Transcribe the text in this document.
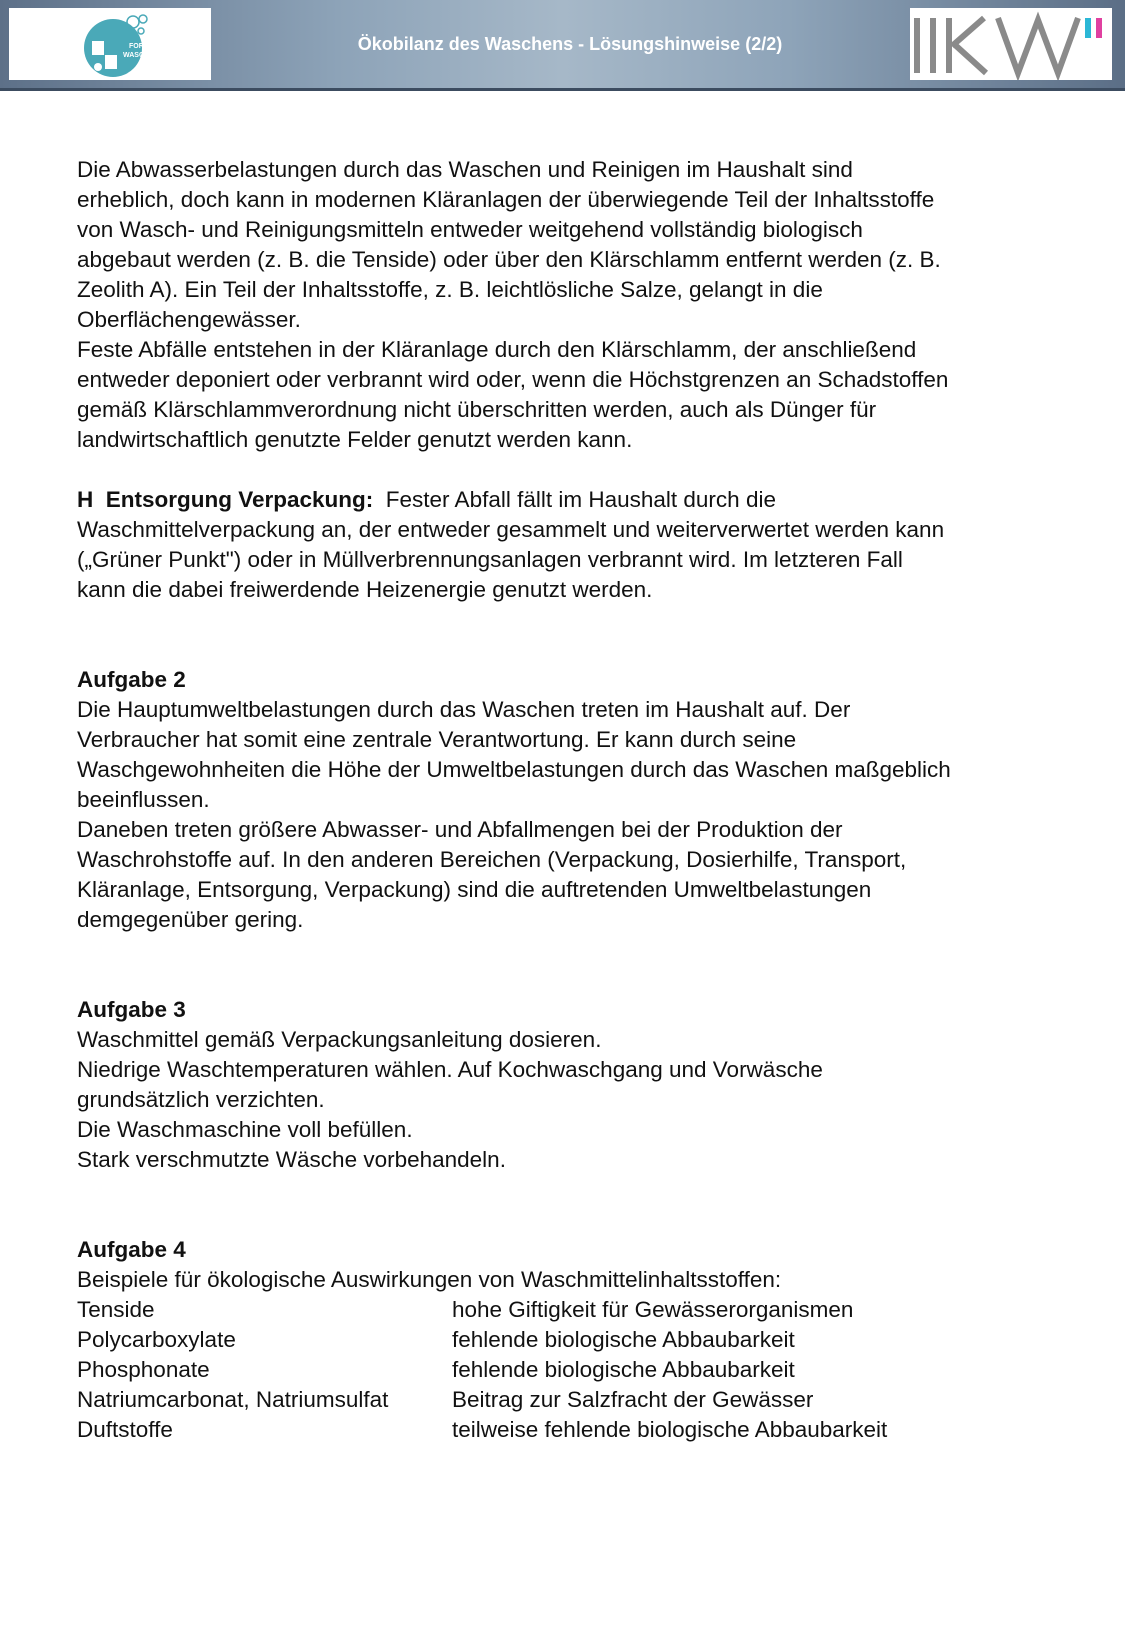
FORUM
WASCHEN
Ökobilanz des Waschens - Lösungshinweise (2/2)

Die Abwasserbelastungen durch das Waschen und Reinigen im Haushalt sind
erheblich, doch kann in modernen Kläranlagen der überwiegende Teil der Inhaltsstoffe
von Wasch- und Reinigungsmitteln entweder weitgehend vollständig biologisch
abgebaut werden (z. B. die Tenside) oder über den Klärschlamm entfernt werden (z. B.
Zeolith A). Ein Teil der Inhaltsstoffe, z. B. leichtlösliche Salze, gelangt in die
Oberflächengewässer.

Feste Abfälle entstehen in der Kläranlage durch den Klärschlamm, der anschließend
entweder deponiert oder verbrannt wird oder, wenn die Höchstgrenzen an Schadstoffen
gemäß Klärschlammverordnung nicht überschritten werden, auch als Dünger für
landwirtschaftlich genutzte Felder genutzt werden kann.

H  Entsorgung Verpackung:  Fester Abfall fällt im Haushalt durch die
Waschmittelverpackung an, der entweder gesammelt und weiterverwertet werden kann
(„Grüner Punkt") oder in Müllverbrennungsanlagen verbrannt wird. Im letzteren Fall
kann die dabei freiwerdende Heizenergie genutzt werden.

Aufgabe 2

Die Hauptumweltbelastungen durch das Waschen treten im Haushalt auf. Der
Verbraucher hat somit eine zentrale Verantwortung. Er kann durch seine
Waschgewohnheiten die Höhe der Umweltbelastungen durch das Waschen maßgeblich
beeinflussen.

Daneben treten größere Abwasser- und Abfallmengen bei der Produktion der
Waschrohstoffe auf. In den anderen Bereichen (Verpackung, Dosierhilfe, Transport,
Kläranlage, Entsorgung, Verpackung) sind die auftretenden Umweltbelastungen
demgegenüber gering.

Aufgabe 3

Waschmittel gemäß Verpackungsanleitung dosieren.
Niedrige Waschtemperaturen wählen. Auf Kochwaschgang und Vorwäsche
grundsätzlich verzichten.
Die Waschmaschine voll befüllen.
Stark verschmutzte Wäsche vorbehandeln.

Aufgabe 4

Beispiele für ökologische Auswirkungen von Waschmittelinhaltsstoffen:

Tenside	hohe Giftigkeit für Gewässerorganismen
Polycarboxylate	fehlende biologische Abbaubarkeit
Phosphonate	fehlende biologische Abbaubarkeit
Natriumcarbonat, Natriumsulfat	Beitrag zur Salzfracht der Gewässer
Duftstoffe	teilweise fehlende biologische Abbaubarkeit
